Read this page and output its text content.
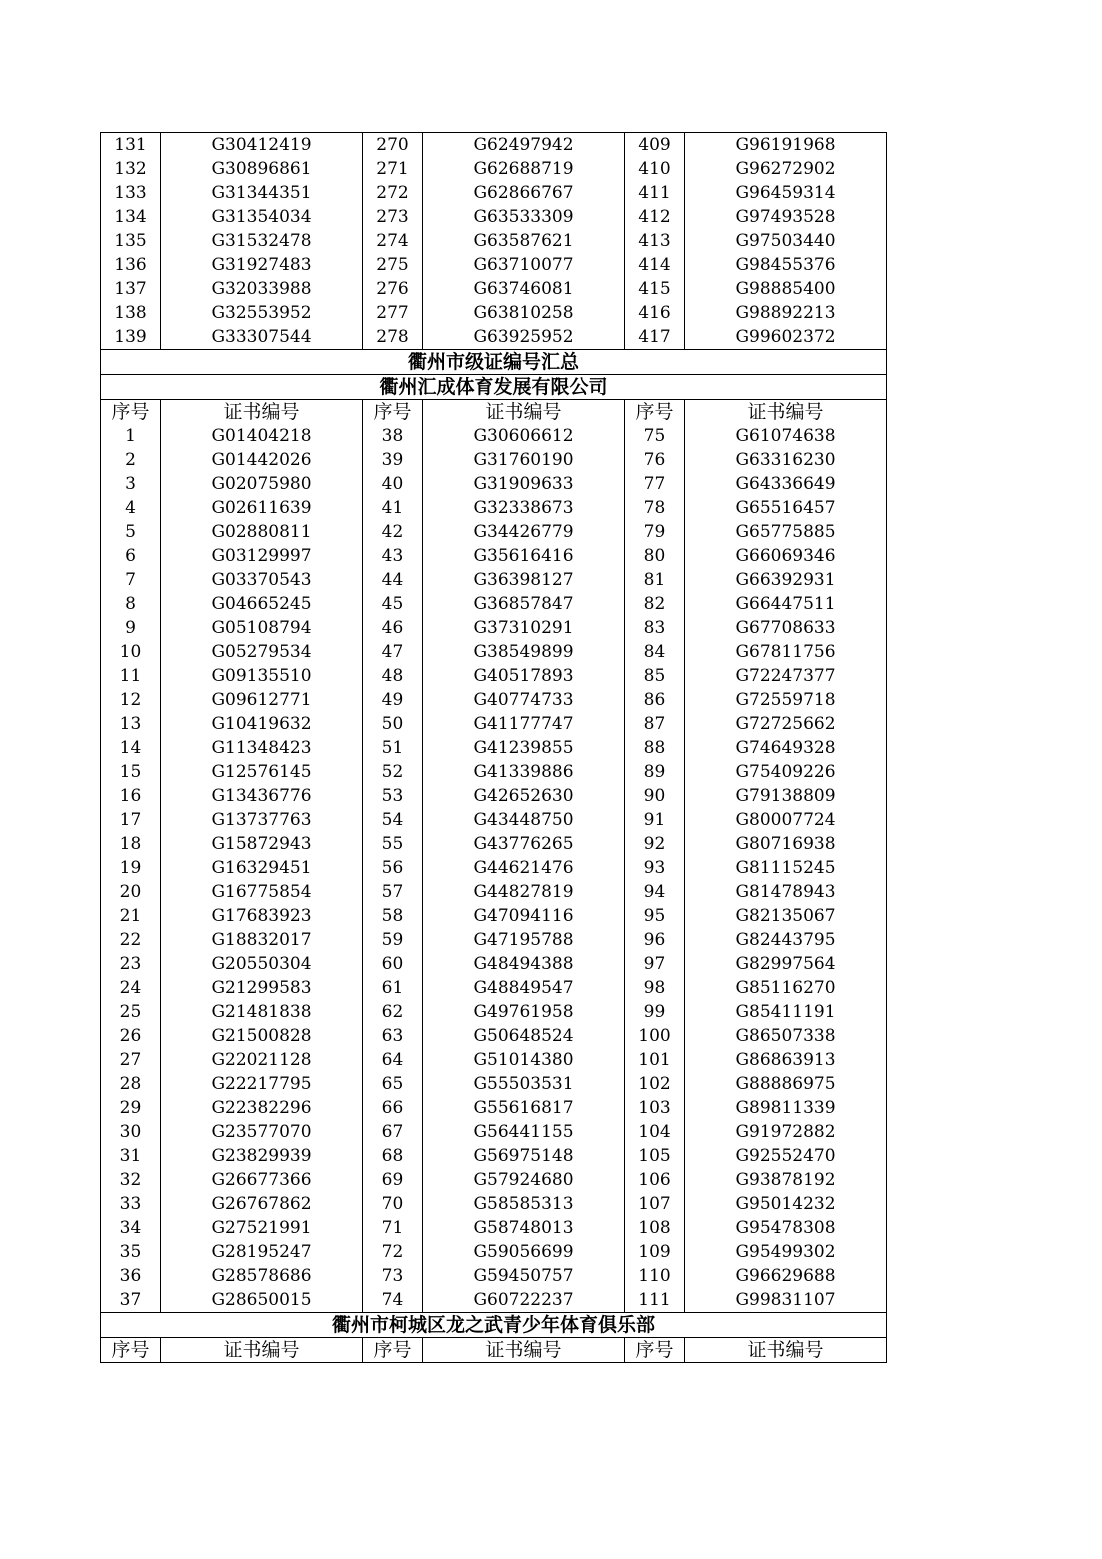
131	G30412419	270	G62497942	409	G96191968
132	G30896861	271	G62688719	410	G96272902
133	G31344351	272	G62866767	411	G96459314
134	G31354034	273	G63533309	412	G97493528
135	G31532478	274	G63587621	413	G97503440
136	G31927483	275	G63710077	414	G98455376
137	G32033988	276	G63746081	415	G98885400
138	G32553952	277	G63810258	416	G98892213
139	G33307544	278	G63925952	417	G99602372
衢州市级证编号汇总					
衢州汇成体育发展有限公司					
序号	证书编号	序号	证书编号	序号	证书编号
1	G01404218	38	G30606612	75	G61074638
2	G01442026	39	G31760190	76	G63316230
3	G02075980	40	G31909633	77	G64336649
4	G02611639	41	G32338673	78	G65516457
5	G02880811	42	G34426779	79	G65775885
6	G03129997	43	G35616416	80	G66069346
7	G03370543	44	G36398127	81	G66392931
8	G04665245	45	G36857847	82	G66447511
9	G05108794	46	G37310291	83	G67708633
10	G05279534	47	G38549899	84	G67811756
11	G09135510	48	G40517893	85	G72247377
12	G09612771	49	G40774733	86	G72559718
13	G10419632	50	G41177747	87	G72725662
14	G11348423	51	G41239855	88	G74649328
15	G12576145	52	G41339886	89	G75409226
16	G13436776	53	G42652630	90	G79138809
17	G13737763	54	G43448750	91	G80007724
18	G15872943	55	G43776265	92	G80716938
19	G16329451	56	G44621476	93	G81115245
20	G16775854	57	G44827819	94	G81478943
21	G17683923	58	G47094116	95	G82135067
22	G18832017	59	G47195788	96	G82443795
23	G20550304	60	G48494388	97	G82997564
24	G21299583	61	G48849547	98	G85116270
25	G21481838	62	G49761958	99	G85411191
26	G21500828	63	G50648524	100	G86507338
27	G22021128	64	G51014380	101	G86863913
28	G22217795	65	G55503531	102	G88886975
29	G22382296	66	G55616817	103	G89811339
30	G23577070	67	G56441155	104	G91972882
31	G23829939	68	G56975148	105	G92552470
32	G26677366	69	G57924680	106	G93878192
33	G26767862	70	G58585313	107	G95014232
34	G27521991	71	G58748013	108	G95478308
35	G28195247	72	G59056699	109	G95499302
36	G28578686	73	G59450757	110	G96629688
37	G28650015	74	G60722237	111	G99831107
衢州市柯城区龙之武青少年体育俱乐部					
序号	证书编号	序号	证书编号	序号	证书编号
